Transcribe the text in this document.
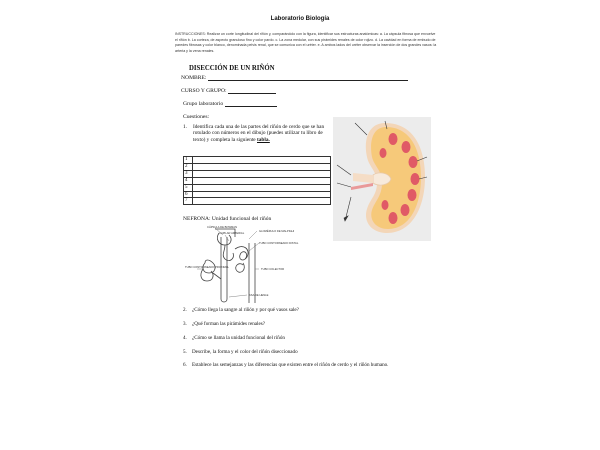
Laboratorio Biología
INSTRUCCIONES: Realizar un corte longitudinal del riñón y, comparándolo con la figura, identificar sus estructuras anatómicas: a. La cápsula fibrosa que envuelve el riñón b. La corteza, de aspecto granuloso fino y color pardo. c. La zona medular, con sus pirámides renales de color rojizo. d. La cavidad en forma de embudo de paredes fibrosas y color blanco, denominada pelvis renal, que se comunica con el uréter. e. A ambos lados del uréter observar la inserción de dos grandes vasos: la arteria y la vena renales.
DISECCIÓN DE UN RIÑÓN
NOMBRE:
CURSO Y GRUPO:
Grupo laboratorio
Cuestiones:
1. Identifica cada una de las partes del riñón de cerdo que se han rotulado con números en el dibujo (puedes utilizar tu libro de texto) y completa la siguiente tabla.
1	
2	
3	
4	
5	
6	
7	
NEFRONA: Unidad funcional del riñón
CÁPSULA DE BOWMAN
CAPILAR ARTERIAL
GLOMÉRULO DE MALPIGHI
TUBO CONTORNEADO DISTAL
TUBO COLECTOR
TUBO CONTORNEADO PROXIMAL
ASA DE HENLE
2. ¿Cómo llega la sangre al riñón y por qué vasos sale?
3. ¿Qué forman las pirámides renales?
4. ¿Cómo se llama la unidad funcional del riñón
5. Describe, la forma y el color del riñón diseccionado
6. Establece las semejanzas y las diferencias que existen entre el riñón de cerdo y el riñón humano.
